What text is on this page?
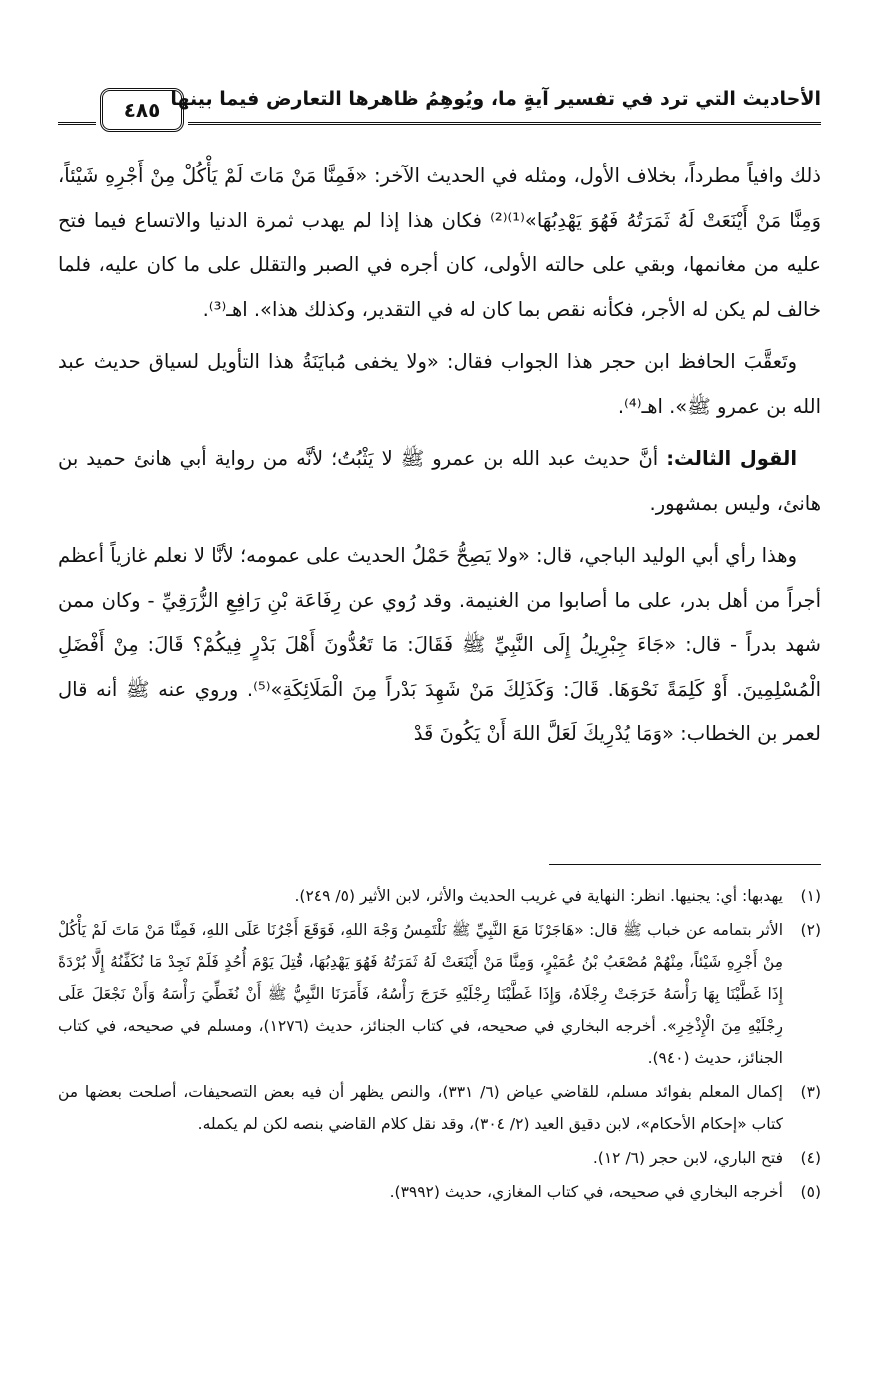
الأحاديث التي ترد في تفسير آيةٍ ما، ويُوهِمُ ظاهرها التعارض فيما بينها
٤٨٥

ذلك وافياً مطرداً، بخلاف الأول، ومثله في الحديث الآخر: «فَمِنَّا مَنْ مَاتَ لَمْ يَأْكُلْ مِنْ أَجْرِهِ شَيْئاً، وَمِنَّا مَنْ أَيْنَعَتْ لَهُ ثَمَرَتُهُ فَهُوَ يَهْدِبُهَا»⁽¹⁾⁽²⁾ فكان هذا إذا لم يهدب ثمرة الدنيا والاتساع فيما فتح عليه من مغانمها، وبقي على حالته الأولى، كان أجره في الصبر والتقلل على ما كان عليه، فلما خالف لم يكن له الأجر، فكأنه نقص بما كان له في التقدير، وكذلك هذا». اهـ⁽³⁾.

وتَعقَّبَ الحافظ ابن حجر هذا الجواب فقال: «ولا يخفى مُبايَنَةُ هذا التأويل لسياق حديث عبد الله بن عمرو ﷺ». اهـ⁽⁴⁾.

القول الثالث: أنَّ حديث عبد الله بن عمرو ﷺ لا يَثْبُتُ؛ لأنَّه من رواية أبي هانئ حميد بن هانئ، وليس بمشهور.

وهذا رأي أبي الوليد الباجي، قال: «ولا يَصِحُّ حَمْلُ الحديث على عمومه؛ لأنَّا لا نعلم غازياً أعظم أجراً من أهل بدر، على ما أصابوا من الغنيمة. وقد رُوي عن رِفَاعَة بْنِ رَافِعِ الزُّرَقِيِّ - وكان ممن شهد بدراً - قال: «جَاءَ جِبْرِيلُ إِلَى النَّبِيِّ ﷺ فَقَالَ: مَا تَعُدُّونَ أَهْلَ بَدْرٍ فِيكُمْ؟ قَالَ: مِنْ أَفْضَلِ الْمُسْلِمِينَ. أَوْ كَلِمَةً نَحْوَهَا. قَالَ: وَكَذَلِكَ مَنْ شَهِدَ بَدْراً مِنَ الْمَلَائِكَةِ»⁽⁵⁾. وروي عنه ﷺ أنه قال لعمر بن الخطاب: «وَمَا يُدْرِيكَ لَعَلَّ اللهَ أَنْ يَكُونَ قَدْ

(١)
يهدبها: أي: يجنيها. انظر: النهاية في غريب الحديث والأثر، لابن الأثير (٥/ ٢٤٩).
(٢)
الأثر بتمامه عن خباب ﷺ قال: «هَاجَرْنَا مَعَ النَّبِيِّ ﷺ نَلْتَمِسُ وَجْهَ اللهِ، فَوَقَعَ أَجْرُنَا عَلَى اللهِ، فَمِنَّا مَنْ مَاتَ لَمْ يَأْكُلْ مِنْ أَجْرِهِ شَيْئاً، مِنْهُمْ مُصْعَبُ بْنُ عُمَيْرٍ، وَمِنَّا مَنْ أَيْنَعَتْ لَهُ ثَمَرَتُهُ فَهُوَ يَهْدِبُهَا، قُتِلَ يَوْمَ أُحُدٍ فَلَمْ نَجِدْ مَا نُكَفِّنُهُ إِلَّا بُرْدَةً إِذَا غَطَّيْنَا بِهَا رَأْسَهُ خَرَجَتْ رِجْلَاهُ، وَإِذَا غَطَّيْنَا رِجْلَيْهِ خَرَجَ رَأْسُهُ، فَأَمَرَنَا النَّبِيُّ ﷺ أَنْ نُغَطِّيَ رَأْسَهُ وَأَنْ نَجْعَلَ عَلَى رِجْلَيْهِ مِنَ الْإِذْخِرِ». أخرجه البخاري في صحيحه، في كتاب الجنائز، حديث (١٢٧٦)، ومسلم في صحيحه، في كتاب الجنائز، حديث (٩٤٠).
(٣)
إكمال المعلم بفوائد مسلم، للقاضي عياض (٦/ ٣٣١)، والنص يظهر أن فيه بعض التصحيفات، أصلحت بعضها من كتاب «إحكام الأحكام»، لابن دقيق العيد (٢/ ٣٠٤)، وقد نقل كلام القاضي بنصه لكن لم يكمله.
(٤)
فتح الباري، لابن حجر (٦/ ١٢).
(٥)
أخرجه البخاري في صحيحه، في كتاب المغازي، حديث (٣٩٩٢).
